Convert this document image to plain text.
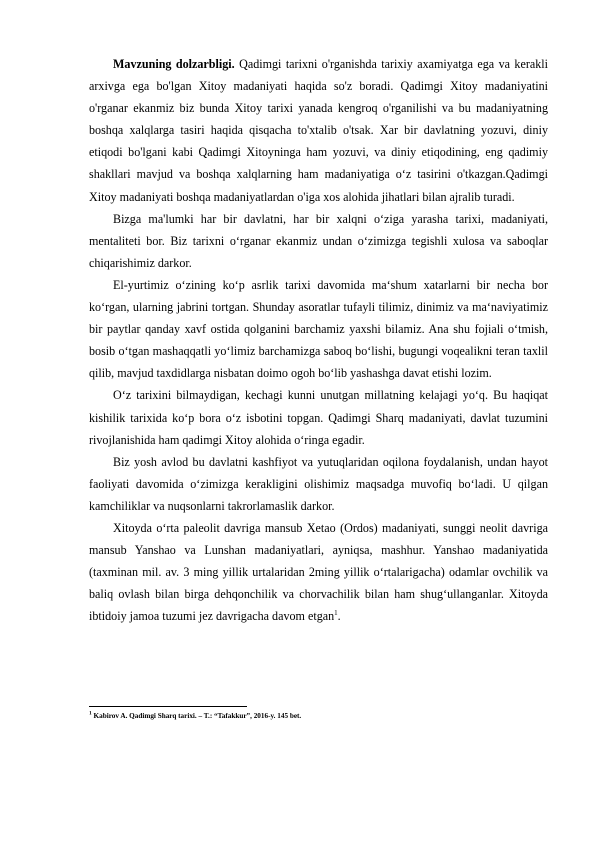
Mavzuning dolzarbligi. Qadimgi tarixni o'rganishda tarixiy axamiyatga ega va kerakli arxivga ega bo'lgan Xitoy madaniyati haqida so'z boradi. Qadimgi Xitoy madaniyatini o'rganar ekanmiz biz bunda Xitoy tarixi yanada kengroq o'rganilishi va bu madaniyatning boshqa xalqlarga tasiri haqida qisqacha to'xtalib o'tsak. Xar bir davlatning yozuvi, diniy etiqodi bo'lgani kabi Qadimgi Xitoyninga ham yozuvi, va diniy etiqodining, eng qadimiy shakllari mavjud va boshqa xalqlarning ham madaniyatiga o‘z tasirini o'tkazgan.Qadimgi Xitoy madaniyati boshqa madaniyatlardan o'iga xos alohida jihatlari bilan ajralib turadi.

Bizga ma'lumki har bir davlatni, har bir xalqni o‘ziga yarasha tarixi, madaniyati, mentaliteti bor. Biz tarixni o‘rganar ekanmiz undan o‘zimizga tegishli xulosa va saboqlar chiqarishimiz darkor.

El-yurtimiz o‘zining ko‘p asrlik tarixi davomida ma‘shum xatarlarni bir necha bor ko‘rgan, ularning jabrini tortgan. Shunday asoratlar tufayli tilimiz, dinimiz va ma‘naviyatimiz bir paytlar qanday xavf ostida qolganini barchamiz yaxshi bilamiz. Ana shu fojiali o‘tmish, bosib o‘tgan mashaqqatli yo‘limiz barchamizga saboq bo‘lishi, bugungi voqealikni teran taxlil qilib, mavjud taxdidlarga nisbatan doimo ogoh bo‘lib yashashga davat etishi lozim.

O‘z tarixini bilmaydigan, kechagi kunni unutgan millatning kelajagi yo‘q. Bu haqiqat kishilik tarixida ko‘p bora o‘z isbotini topgan. Qadimgi Sharq madaniyati, davlat tuzumini rivojlanishida ham qadimgi Xitoy alohida o‘ringa egadir.

Biz yosh avlod bu davlatni kashfiyot va yutuqlaridan oqilona foydalanish, undan hayot faoliyati davomida o‘zimizga kerakligini olishimiz maqsadga muvofiq bo‘ladi. U qilgan kamchiliklar va nuqsonlarni takrorlamaslik darkor.

Xitoyda o‘rta paleolit davriga mansub Xetao (Ordos) madaniyati, sunggi neolit davriga mansub Yanshao va Lunshan madaniyatlari, ayniqsa, mashhur. Yanshao madaniyatida (taxminan mil. av. 3 ming yillik urtalaridan 2ming yillik o‘rtalarigacha) odamlar ovchilik va baliq ovlash bilan birga dehqonchilik va chorvachilik bilan ham shug‘ullanganlar. Xitoyda ibtidoiy jamoa tuzumi jez davrigacha davom etgan$^1$.

$^1$ Kabirov A. Qadimgi Sharq tarixi. – T.: “Tafakkur”, 2016-y. 145 bet.
